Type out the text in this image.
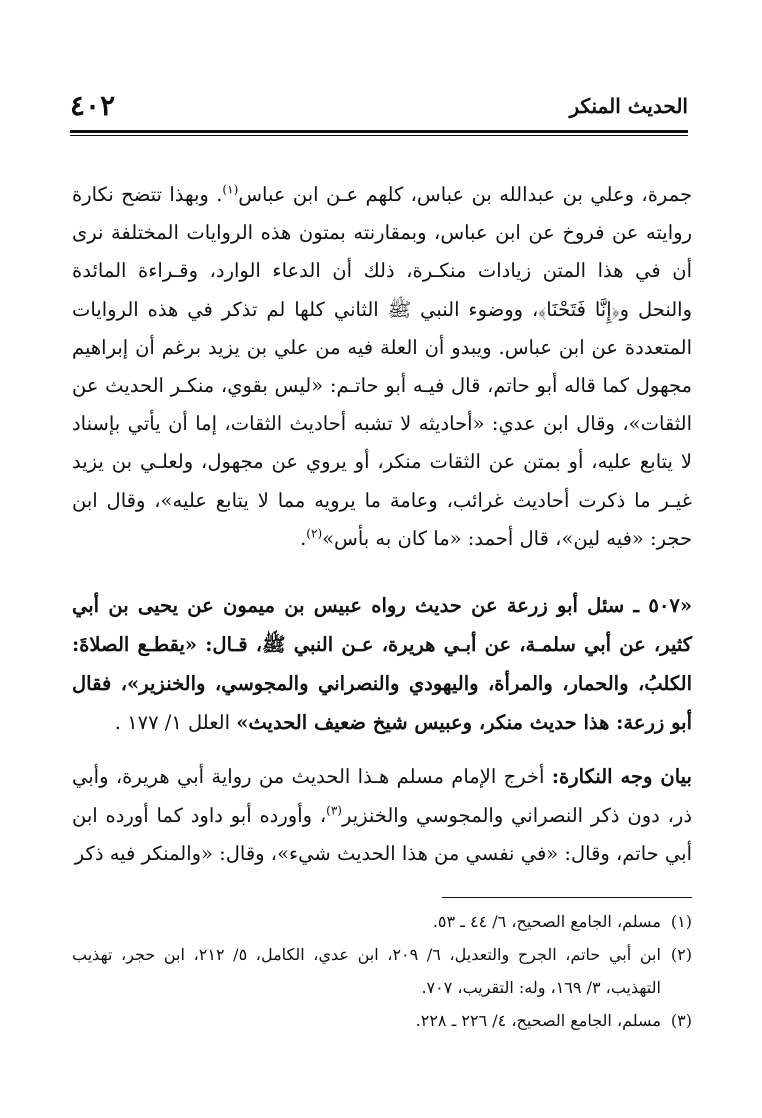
٤٠٢	الحديث المنكر
جمرة، وعلي بن عبدالله بن عباس، كلهم عـن ابن عباس$^{(١)}$. وبهذا تتضح نكارة روايته عن فروخ عن ابن عباس، وبمقارنته بمتون هذه الروايات المختلفة نرى أن في هذا المتن زيادات منكـرة، ذلك أن الدعاء الوارد، وقـراءة المائدة والنحل و﴿إِنَّا فَتَحْنَا﴾، ووضوء النبي ﷺ الثاني كلها لم تذكر في هذه الروايات المتعددة عن ابن عباس. ويبدو أن العلة فيه من علي بن يزيد برغم أن إبراهيم مجهول كما قاله أبو حاتم، قال فيـه أبو حاتـم: «ليس بقوي، منكـر الحديث عن الثقات»، وقال ابن عدي: «أحاديثه لا تشبه أحاديث الثقات، إما أن يأتي بإسناد لا يتابع عليه، أو بمتن عن الثقات منكر، أو يروي عن مجهول، ولعلـي بن يزيد غيـر ما ذكرت أحاديث غرائب، وعامة ما يرويه مما لا يتابع عليه»، وقال ابن حجر: «فيه لين»، قال أحمد: «ما كان به بأس»$^{(٢)}$.
«٥٠٧ ـ سئل أبو زرعة عن حديث رواه عبيس بن ميمون عن يحيى بن أبي كثير، عن أبي سلمـة، عن أبـي هريرة، عـن النبي ﷺ، قـال: «يقطـع الصلاةَ: الكلبُ، والحمار، والمرأة، واليهودي والنصراني والمجوسي، والخنزير»، فقال أبو زرعة: هذا حديث منكر، وعبيس شيخ ضعيف الحديث» العلل ١/ ١٧٧ .
بيان وجه النكارة: أخرج الإمام مسلم هـذا الحديث من رواية أبي هريرة، وأبي ذر، دون ذكر النصراني والمجوسي والخنزير$^{(٣)}$، وأورده أبو داود كما أورده ابن أبي حاتم، وقال: «في نفسي من هذا الحديث شيء»، وقال: «والمنكر فيه ذكر
(١)
مسلم، الجامع الصحيح، ٦/ ٤٤ ـ ٥٣.
(٢)
ابن أبي حاتم، الجرح والتعديل، ٦/ ٢٠٩، ابن عدي، الكامل، ٥/ ٢١٢، ابن حجر، تهذيب التهذيب، ٣/ ١٦٩، وله: التقريب، ٧٠٧.
(٣)
مسلم، الجامع الصحيح، ٤/ ٢٢٦ ـ ٢٢٨.
